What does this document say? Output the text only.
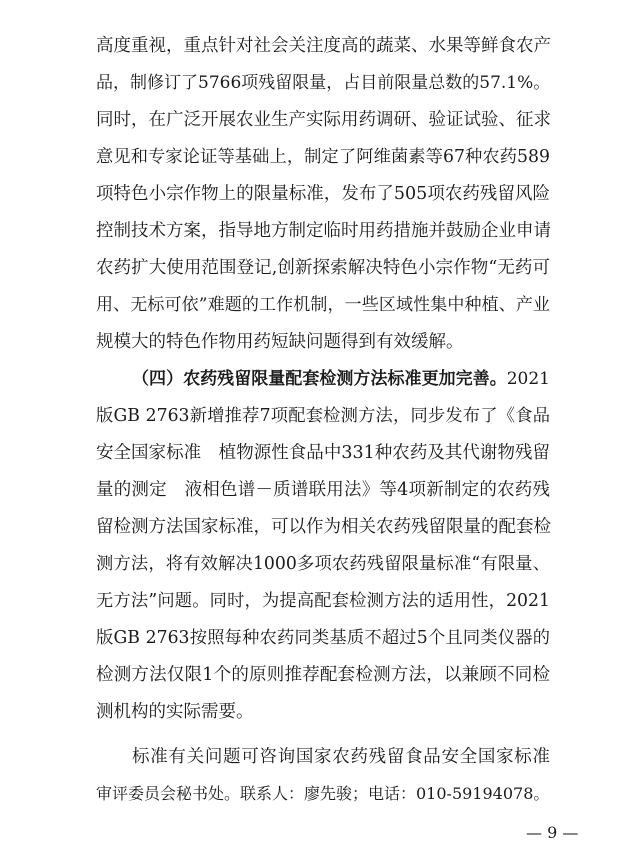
高度重视，重点针对社会关注度高的蔬菜、水果等鲜食农产
品，制修订了5766项残留限量，占目前限量总数的57.1%。
同时，在广泛开展农业生产实际用药调研、验证试验、征求
意见和专家论证等基础上，制定了阿维菌素等67种农药589
项特色小宗作物上的限量标准，发布了505项农药残留风险
控制技术方案，指导地方制定临时用药措施并鼓励企业申请
农药扩大使用范围登记,创新探索解决特色小宗作物“无药可
用、无标可依”难题的工作机制，一些区域性集中种植、产业
规模大的特色作物用药短缺问题得到有效缓解。
（四）农药残留限量配套检测方法标准更加完善。2021
版GB 2763新增推荐7项配套检测方法，同步发布了《食品
安全国家标准　植物源性食品中331种农药及其代谢物残留
量的测定　液相色谱－质谱联用法》等4项新制定的农药残
留检测方法国家标准，可以作为相关农药残留限量的配套检
测方法，将有效解决1000多项农药残留限量标准“有限量、
无方法”问题。同时，为提高配套检测方法的适用性，2021
版GB 2763按照每种农药同类基质不超过5个且同类仪器的
检测方法仅限1个的原则推荐配套检测方法，以兼顾不同检
测机构的实际需要。
标准有关问题可咨询国家农药残留食品安全国家标准
审评委员会秘书处。联系人：廖先骏；电话：010-59194078。
— 9 —
